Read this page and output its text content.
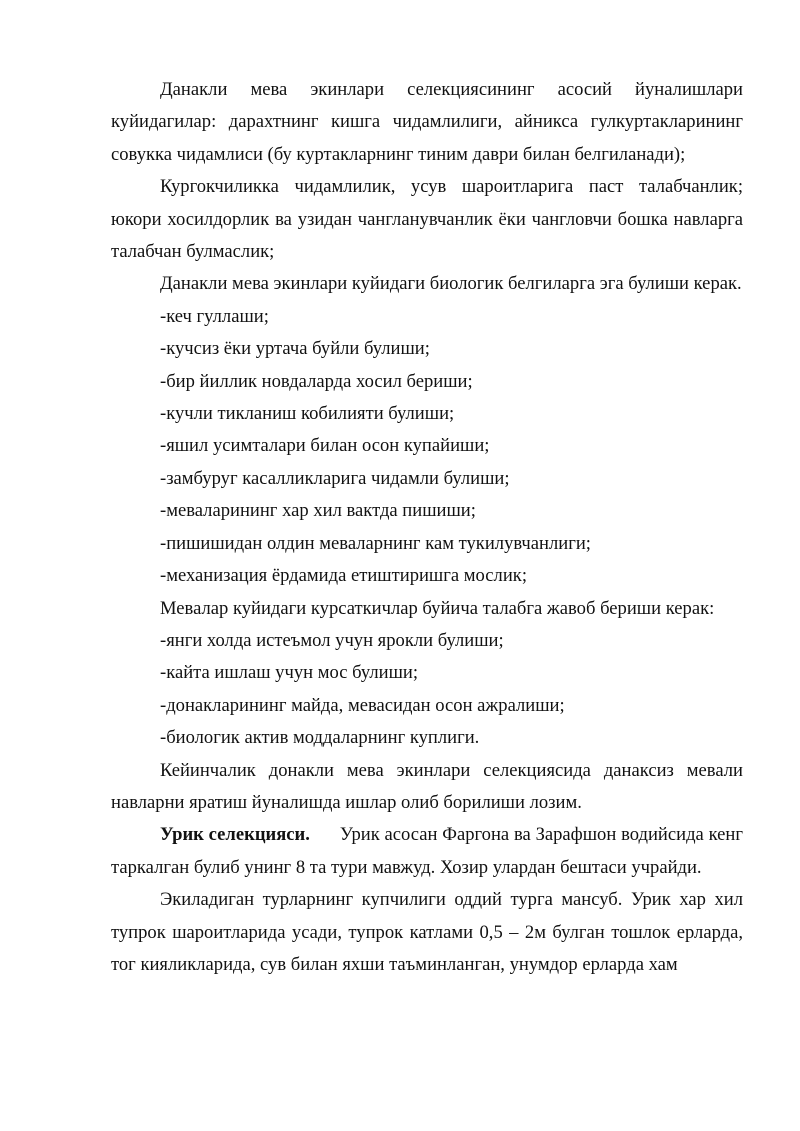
Данакли мева экинлари селекциясининг асосий йуналишлари куйидагилар: дарахтнинг кишга чидамлилиги, айникса гулкуртакларининг совукка чидамлиси (бу куртакларнинг тиним даври билан белгиланади);

Кургокчиликка чидамлилик, усув шароитларига паст талабчанлик; юкори хосилдорлик ва узидан чангланувчанлик ёки чангловчи бошка навларга талабчан булмаслик;

Данакли мева экинлари куйидаги биологик белгиларга эга булиши керак.

-кеч гуллаши;

-кучсиз ёки уртача буйли булиши;

-бир йиллик новдаларда хосил бериши;

-кучли тикланиш кобилияти булиши;

-яшил усимталари билан осон купайиши;

-замбуруг касалликларига чидамли булиши;

-меваларининг хар хил вактда пишиши;

-пишишидан олдин меваларнинг кам тукилувчанлиги;

-механизация ёрдамида етиштиришга мослик;

Мевалар куйидаги курсаткичлар буйича талабга жавоб бериши керак:

-янги холда истеъмол учун ярокли булиши;

-кайта ишлаш учун мос булиши;

-донакларининг майда, мевасидан осон ажралиши;

-биологик актив моддаларнинг куплиги.

Кейинчалик донакли мева экинлари селекциясида данаксиз мевали навларни яратиш йуналишда ишлар олиб борилиши лозим.

Урик селекцияси. Урик асосан Фаргона ва Зарафшон водийсида кенг таркалган булиб унинг 8 та тури мавжуд. Хозир улардан бештаси учрайди.

Экиладиган турларнинг купчилиги оддий турга мансуб. Урик хар хил тупрок шароитларида усади, тупрок катлами 0,5 – 2м булган тошлок ерларда, тог кияликларида, сув билан яхши таъминланган, унумдор ерларда хам
